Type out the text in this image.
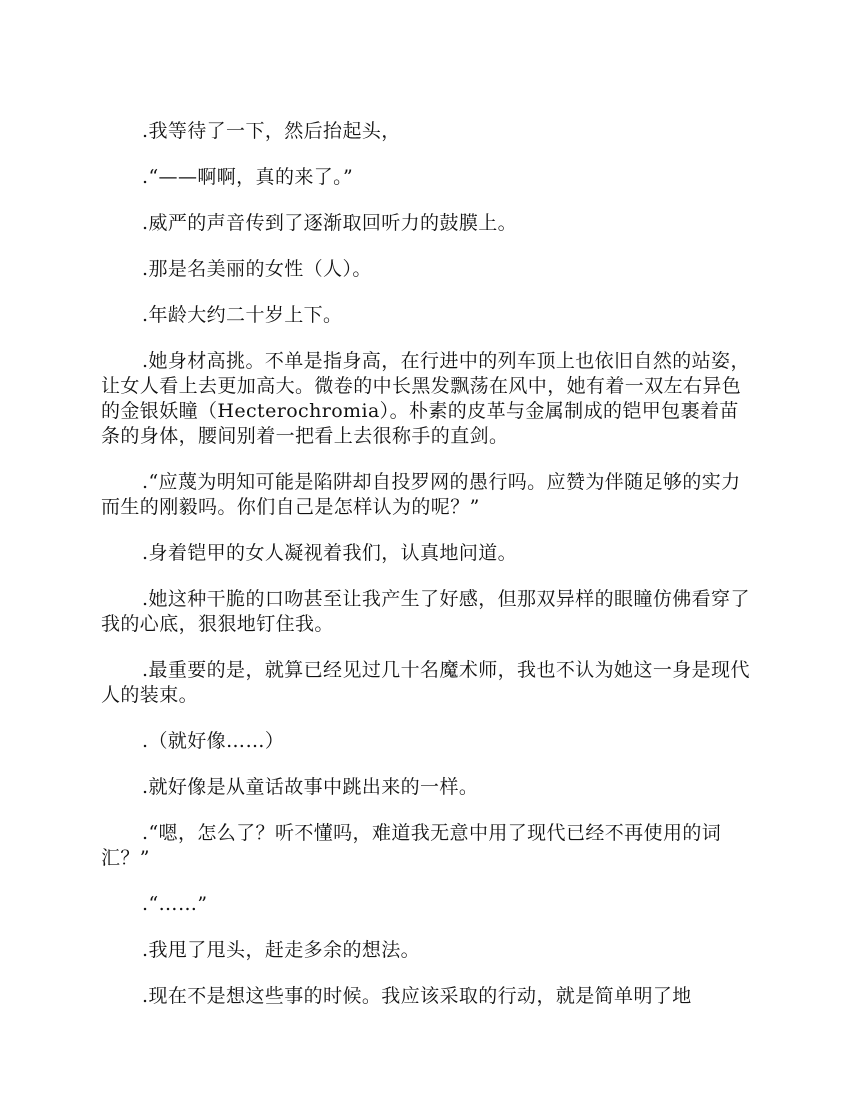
.我等待了一下，然后抬起头，

.“——啊啊，真的来了。”

.威严的声音传到了逐渐取回听力的鼓膜上。

.那是名美丽的女性（人）。

.年龄大约二十岁上下。

.她身材高挑。不单是指身高，在行进中的列车顶上也依旧自然的站姿，让女人看上去更加高大。微卷的中长黑发飘荡在风中，她有着一双左右异色的金银妖瞳（Hecterochromia）。朴素的皮革与金属制成的铠甲包裹着苗条的身体，腰间别着一把看上去很称手的直剑。

.“应蔑为明知可能是陷阱却自投罗网的愚行吗。应赞为伴随足够的实力而生的刚毅吗。你们自己是怎样认为的呢？”

.身着铠甲的女人凝视着我们，认真地问道。

.她这种干脆的口吻甚至让我产生了好感，但那双异样的眼瞳仿佛看穿了我的心底，狠狠地钉住我。

.最重要的是，就算已经见过几十名魔术师，我也不认为她这一身是现代人的装束。

.（就好像……）

.就好像是从童话故事中跳出来的一样。

.“嗯，怎么了？听不懂吗，难道我无意中用了现代已经不再使用的词汇？”

.“……”

.我甩了甩头，赶走多余的想法。

.现在不是想这些事的时候。我应该采取的行动，就是简单明了地
